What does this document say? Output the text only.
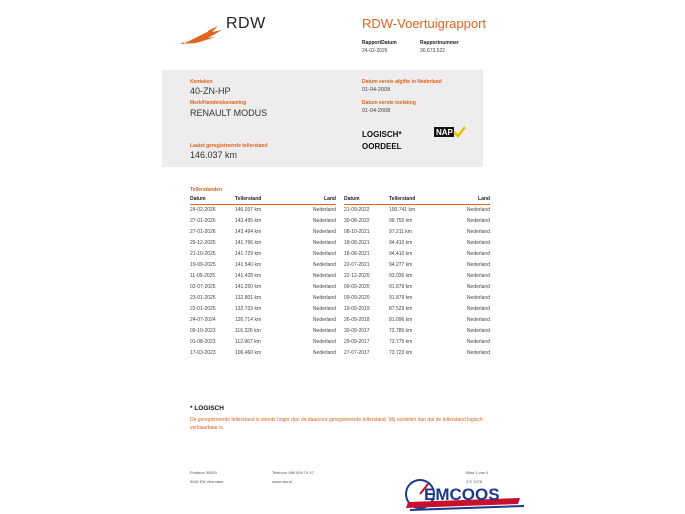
RDW	RDW-Voertuigrapport
RapportDatum
24-02-2026
Rapportnummer
30.673.522
Kenteken
40-ZN-HP
Merk/Handelsbenaming
RENAULT MODUS
Laatst geregistreerde tellerstand
146.037 km
Datum eerste afgifte in Nederland
01-04-2008
Datum eerste toelating
01-04-2008
LOGISCH*
OORDEEL
NAP
Tellerstanden
Datum	Tellerstand	Land
24-02-2026	146.037 km	Nederland
27-01-2026	143.495 km	Nederland
27-01-2026	143.494 km	Nederland
29-12-2025	141.766 km	Nederland
21-10-2025	141.729 km	Nederland
19-09-2025	141.540 km	Nederland
11-09-2025	141.428 km	Nederland
02-07-2025	141.250 km	Nederland
23-01-2025	132.801 km	Nederland
22-01-2025	132.733 km	Nederland
24-07-2024	126.714 km	Nederland
09-10-2023	116.326 km	Nederland
01-08-2023	112.967 km	Nederland
17-03-2023	106.460 km	Nederland
Datum	Tellerstand	Land
21-09-2022	100.741 km	Nederland
30-08-2022	99.755 km	Nederland
08-10-2021	97.211 km	Nederland
18-08-2021	94.410 km	Nederland
18-08-2021	94.410 km	Nederland
22-07-2021	94.277 km	Nederland
22-12-2020	93.036 km	Nederland
09-09-2020	91.879 km	Nederland
09-09-2020	91.879 km	Nederland
19-09-2019	87.529 km	Nederland
26-09-2018	81.096 km	Nederland
30-09-2017	73.785 km	Nederland
29-09-2017	73.775 km	Nederland
27-07-2017	73.723 km	Nederland
* LOGISCH
De geregistreerde tellerstand is steeds hoger dan de daarvoor geregistreerde tellerstand. Wij oordelen dan dat de tellerstand logisch verklaarbaar is.
Postbus 30000
9640 RA Veendam
Telefoon 088 008 74 47
www.rdw.nl
Blad 1 van 4
3 E 1078
EMCOOS
